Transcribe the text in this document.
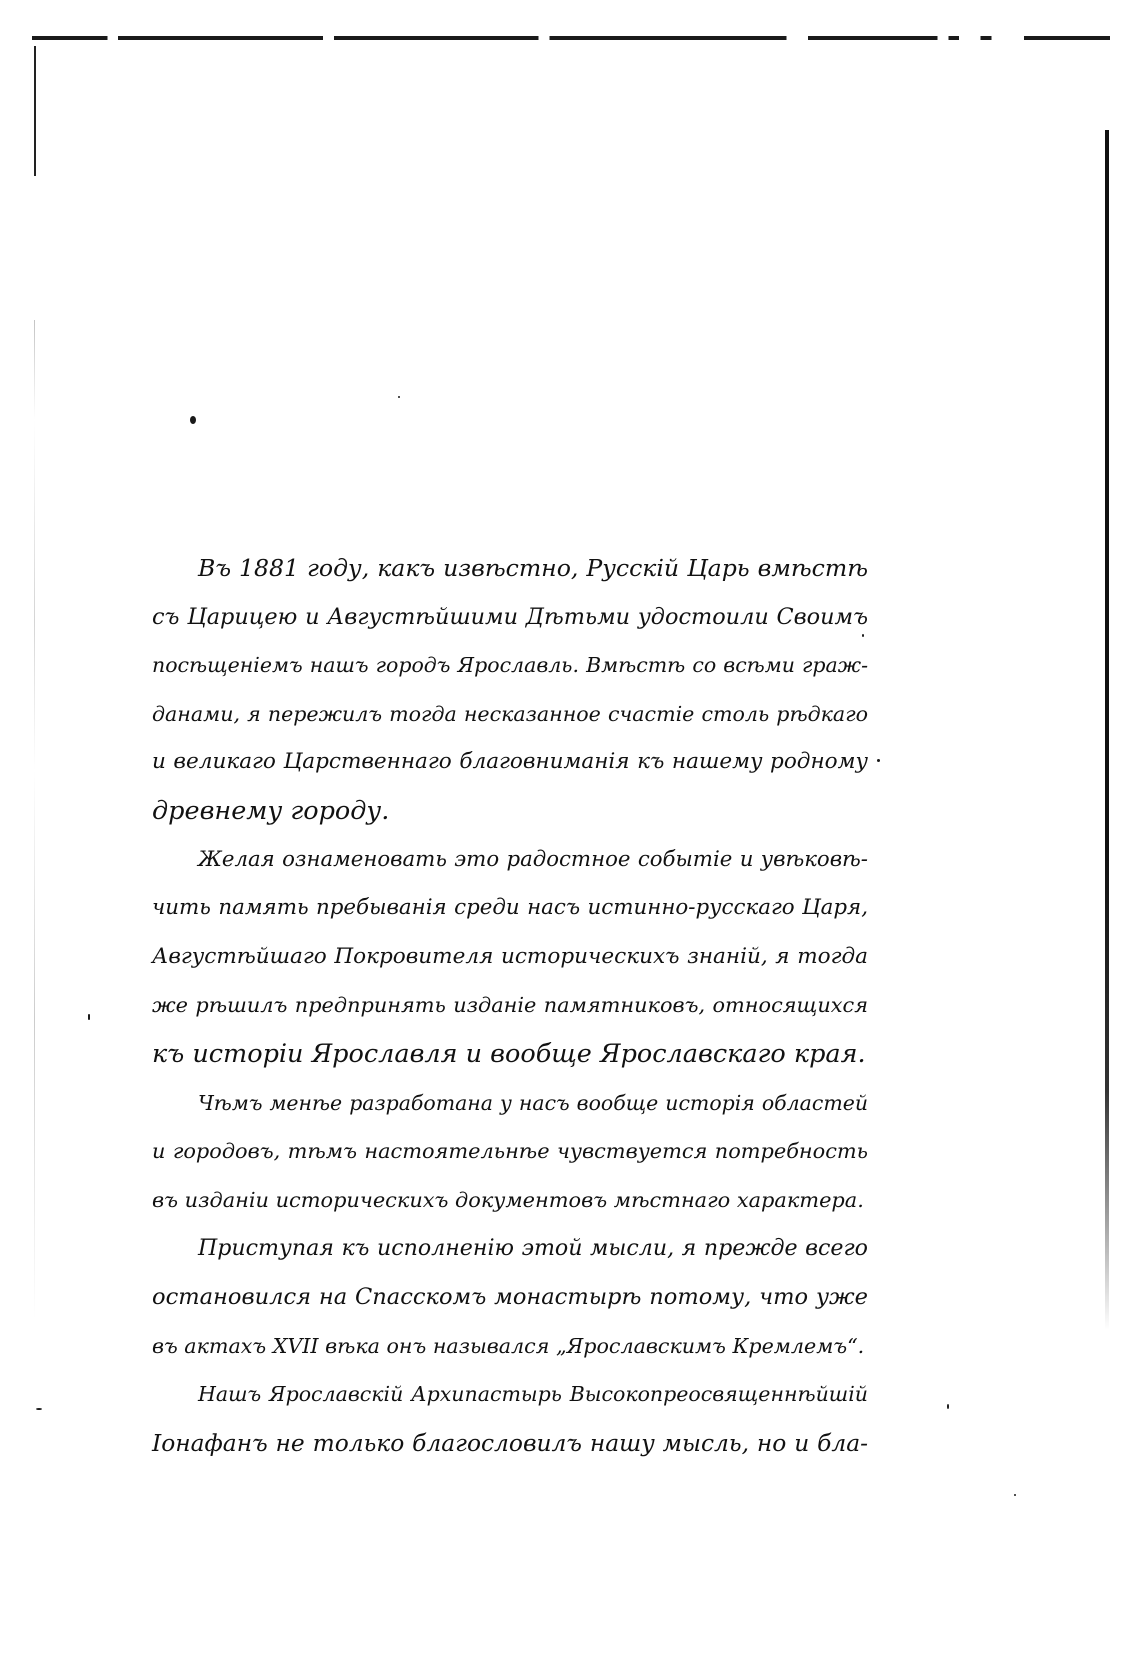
Въ 1881 году, какъ извѣстно, Русскій Царь вмѣстѣ
съ Царицею и Августѣйшими Дѣтьми удостоили Своимъ
посѣщеніемъ нашъ городъ Ярославль. Вмѣстѣ со всѣми граж-
данами, я пережилъ тогда несказанное счастіе столь рѣдкаго
и великаго Царственнаго благовниманія къ нашему родному
древнему городу.
Желая ознаменовать это радостное событіе и увѣковѣ-
чить память пребыванія среди насъ истинно-русскаго Царя,
Августѣйшаго Покровителя историческихъ знаній, я тогда
же рѣшилъ предпринять изданіе памятниковъ, относящихся
къ исторіи Ярославля и вообще Ярославскаго края.
Чѣмъ менѣе разработана у насъ вообще исторія областей
и городовъ, тѣмъ настоятельнѣе чувствуется потребность
въ изданіи историческихъ документовъ мѣстнаго характера.
Приступая къ исполненію этой мысли, я прежде всего
остановился на Спасскомъ монастырѣ потому, что уже
въ актахъ XVII вѣка онъ назывался „Ярославскимъ Кремлемъ“.
Нашъ Ярославскій Архипастырь Высокопреосвященнѣйшій
Іонафанъ не только благословилъ нашу мысль, но и бла-
